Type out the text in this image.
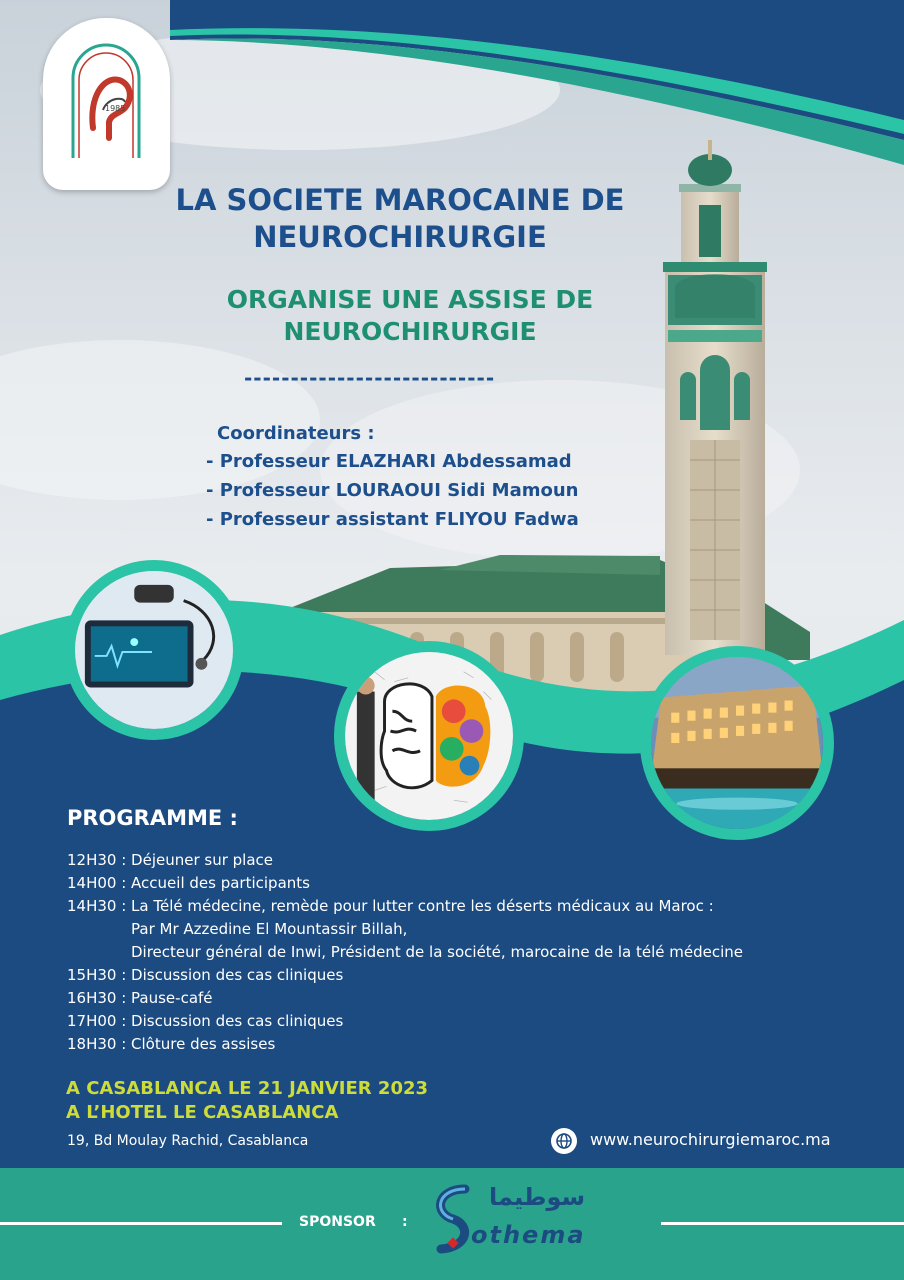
1985
LA SOCIETE MAROCAINE DE
NEUROCHIRURGIE
ORGANISE UNE ASSISE DE
NEUROCHIRURGIE
---------------------------
Coordinateurs :
- Professeur ELAZHARI Abdessamad
- Professeur LOURAOUI Sidi Mamoun
- Professeur assistant FLIYOU Fadwa
PROGRAMME :
12H30 : Déjeuner sur place
14H00 : Accueil des participants
14H30 : La Télé médecine, remède pour lutter contre les déserts médicaux au Maroc :
Par Mr Azzedine El Mountassir Billah,
Directeur général de Inwi, Président de la société, marocaine de la télé médecine
15H30 : Discussion des cas cliniques
16H30 : Pause-café
17H00 : Discussion des cas cliniques
18H30 : Clôture des assises
A CASABLANCA LE 21 JANVIER 2023
A L’HOTEL LE CASABLANCA
19, Bd Moulay Rachid, Casablanca	www.neurochirurgiemaroc.ma
SPONSOR :
سوطيما
othema
